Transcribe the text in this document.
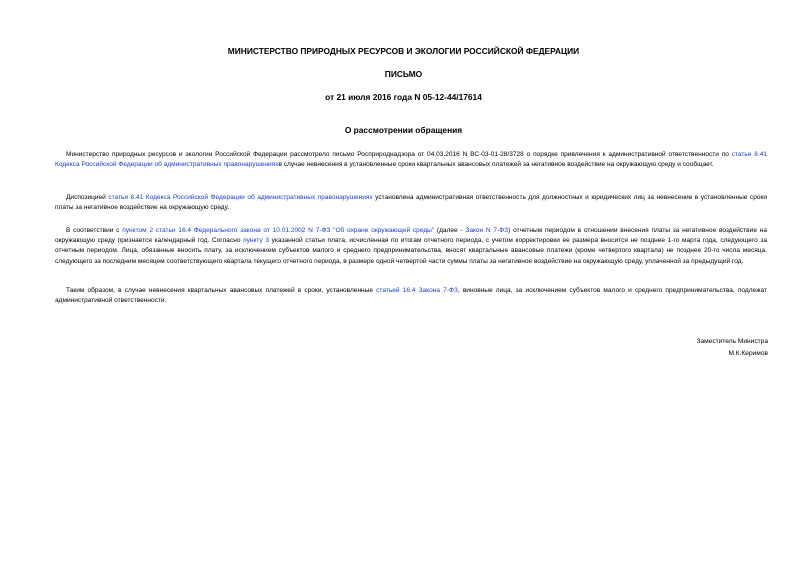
МИНИСТЕРСТВО ПРИРОДНЫХ РЕСУРСОВ И ЭКОЛОГИИ РОССИЙСКОЙ ФЕДЕРАЦИИ
ПИСЬМО
от 21 июля 2016 года N 05-12-44/17614
О рассмотрении обращения
Министерство природных ресурсов и экологии Российской Федерации рассмотрело письмо Росприроднадзора от 04.03.2016 N ВС-03-01-28/3728 о порядке привлечения к административной ответственности по статье 8.41 Кодекса Российской Федерации об административных правонарушенияхв случае невнесения в установленные сроки квартальных авансовых платежей за негативное воздействие на окружающую среду и сообщает.
Диспозицией статьи 8.41 Кодекса Российской Федерации об административных правонарушениях установлена административная ответственность для должностных и юридических лиц за невнесение в установленные сроки платы за негативное воздействие на окружающую среду.
В соответствии с пунктом 2 статьи 16.4 Федерального закона от 10.01.2002 N 7-ФЗ "Об охране окружающей среды" (далее - Закон N 7-ФЗ) отчетным периодом в отношении внесения платы за негативное воздействие на окружающую среду признается календарный год. Согласно пункту 3 указанной статьи плата, исчисленная по итогам отчетного периода, с учетом корректировки ее размера вносится не позднее 1-го марта года, следующего за отчетным периодом. Лица, обязанные вносить плату, за исключением субъектов малого и среднего предпринимательства, вносят квартальные авансовые платежи (кроме четвертого квартала) не позднее 20-го числа месяца, следующего за последним месяцем соответствующего квартала текущего отчетного периода, в размере одной четвертой части суммы платы за негативное воздействие на окружающую среду, уплаченной за предыдущий год.
Таким образом, в случае невнесения квартальных авансовых платежей в сроки, установленные статьей 16.4 Закона 7-ФЗ, виновные лица, за исключением субъектов малого и среднего предпринимательства, подлежат административной ответственности.
Заместитель Министра
М.К.Керимов
